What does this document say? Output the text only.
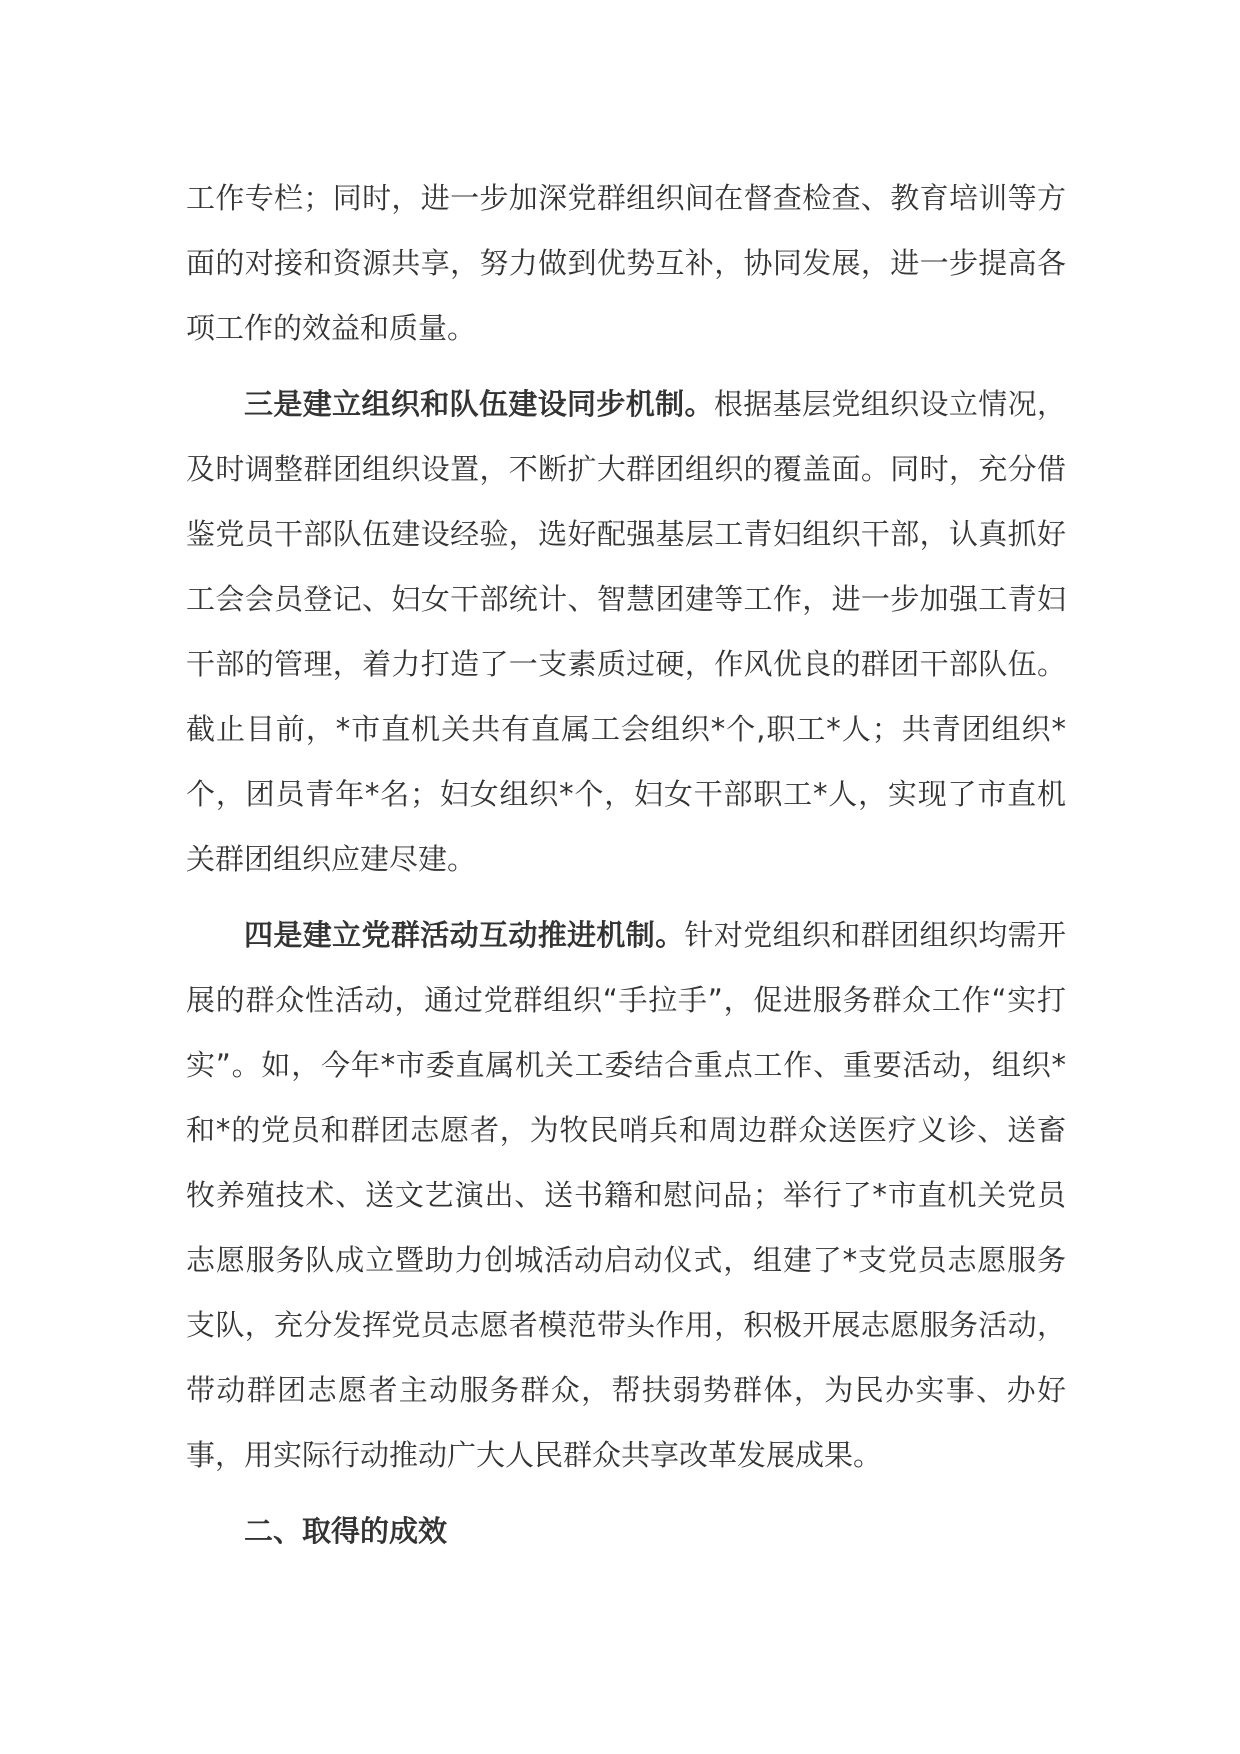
工作专栏；同时，进一步加深党群组织间在督查检查、教育培训等方面的对接和资源共享，努力做到优势互补，协同发展，进一步提高各项工作的效益和质量。

三是建立组织和队伍建设同步机制。根据基层党组织设立情况，及时调整群团组织设置，不断扩大群团组织的覆盖面。同时，充分借鉴党员干部队伍建设经验，选好配强基层工青妇组织干部，认真抓好工会会员登记、妇女干部统计、智慧团建等工作，进一步加强工青妇干部的管理，着力打造了一支素质过硬，作风优良的群团干部队伍。截止目前，*市直机关共有直属工会组织*个,职工*人；共青团组织*个，团员青年*名；妇女组织*个，妇女干部职工*人，实现了市直机关群团组织应建尽建。

四是建立党群活动互动推进机制。针对党组织和群团组织均需开展的群众性活动，通过党群组织“手拉手”，促进服务群众工作“实打实”。如，今年*市委直属机关工委结合重点工作、重要活动，组织*和*的党员和群团志愿者，为牧民哨兵和周边群众送医疗义诊、送畜牧养殖技术、送文艺演出、送书籍和慰问品；举行了*市直机关党员志愿服务队成立暨助力创城活动启动仪式，组建了*支党员志愿服务支队，充分发挥党员志愿者模范带头作用，积极开展志愿服务活动，带动群团志愿者主动服务群众，帮扶弱势群体，为民办实事、办好事，用实际行动推动广大人民群众共享改革发展成果。

二、取得的成效
